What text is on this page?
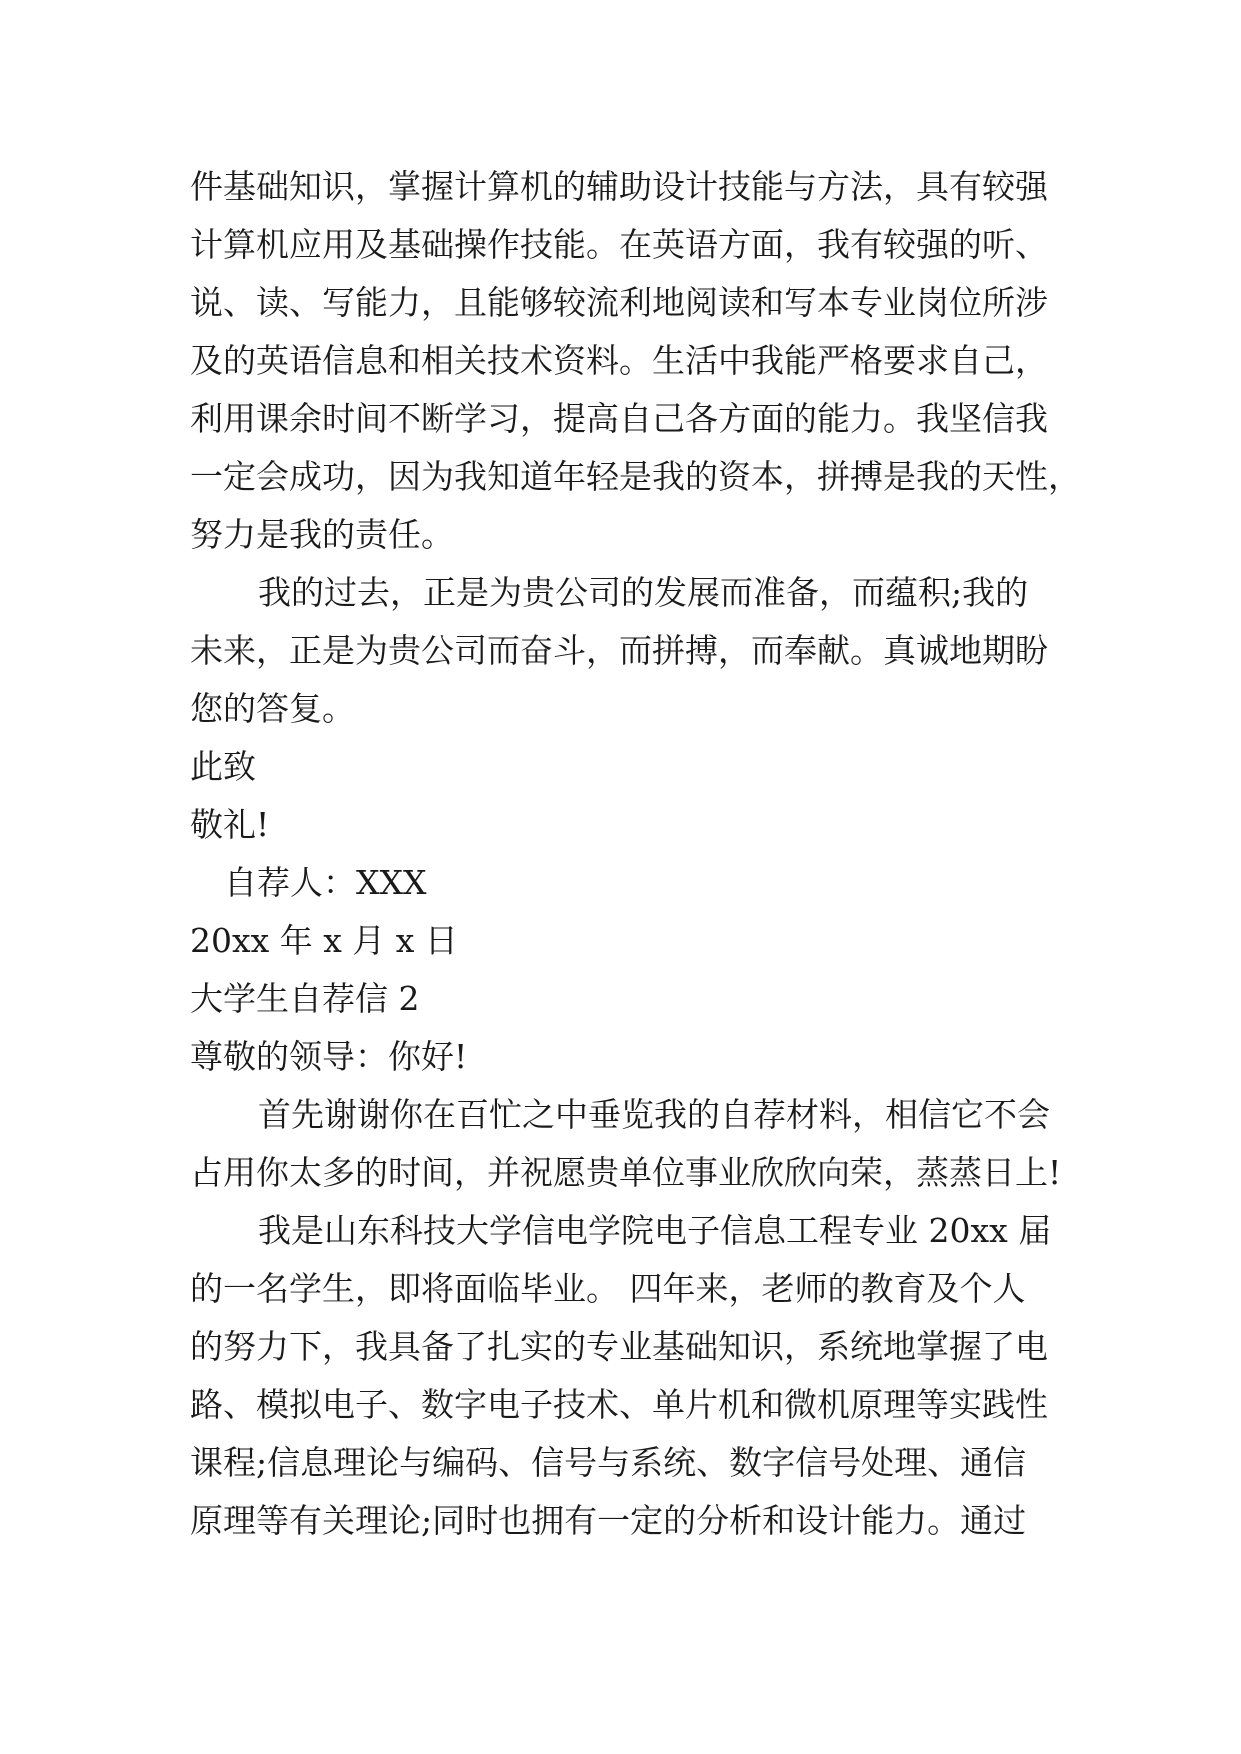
件基础知识，掌握计算机的辅助设计技能与方法，具有较强
计算机应用及基础操作技能。在英语方面，我有较强的听、
说、读、写能力，且能够较流利地阅读和写本专业岗位所涉
及的英语信息和相关技术资料。生活中我能严格要求自己，
利用课余时间不断学习，提高自己各方面的能力。我坚信我
一定会成功，因为我知道年轻是我的资本，拼搏是我的天性，
努力是我的责任。
我的过去，正是为贵公司的发展而准备，而蕴积;我的
未来，正是为贵公司而奋斗，而拼搏，而奉献。真诚地期盼
您的答复。
此致
敬礼!
自荐人：XXX
20xx 年 x 月 x 日
大学生自荐信 2
尊敬的领导：你好!
首先谢谢你在百忙之中垂览我的自荐材料，相信它不会
占用你太多的时间，并祝愿贵单位事业欣欣向荣，蒸蒸日上!
我是山东科技大学信电学院电子信息工程专业 20xx 届
的一名学生，即将面临毕业。 四年来，老师的教育及个人
的努力下，我具备了扎实的专业基础知识，系统地掌握了电
路、模拟电子、数字电子技术、单片机和微机原理等实践性
课程;信息理论与编码、信号与系统、数字信号处理、通信
原理等有关理论;同时也拥有一定的分析和设计能力。通过
